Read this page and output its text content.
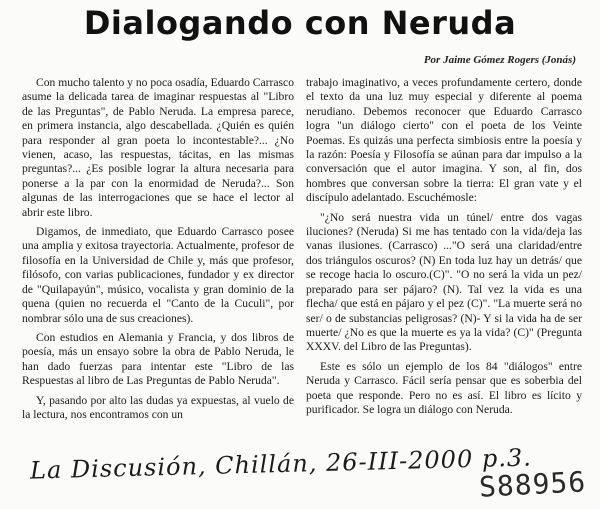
Dialogando con Neruda
Por Jaime Gómez Rogers (Jonás)

Con mucho talento y no poca osadía, Eduardo Carrasco asume la delicada tarea de imaginar respuestas al "Libro de las Preguntas", de Pablo Neruda. La empresa parece, en primera instancia, algo descabellada. ¿Quién es quién para responder al gran poeta lo incontestable?... ¿No vienen, acaso, las respuestas, tácitas, en las mismas preguntas?... ¿Es posible lograr la altura necesaria para ponerse a la par con la enormidad de Neruda?... Son algunas de las interrogaciones que se hace el lector al abrir este libro.

Digamos, de inmediato, que Eduardo Carrasco posee una amplia y exitosa trayectoria. Actualmente, profesor de filosofía en la Universidad de Chile y, más que profesor, filósofo, con varias publicaciones, fundador y ex director de "Quilapayún", músico, vocalista y gran dominio de la quena (quien no recuerda el "Canto de la Cuculi", por nombrar sólo una de sus creaciones).

Con estudios en Alemania y Francia, y dos libros de poesía, más un ensayo sobre la obra de Pablo Neruda, le han dado fuerzas para intentar este "Libro de las Respuestas al libro de Las Preguntas de Pablo Neruda".

Y, pasando por alto las dudas ya expuestas, al vuelo de la lectura, nos encontramos con un

trabajo imaginativo, a veces profundamente certero, donde el texto da una luz muy especial y diferente al poema nerudiano. Debemos reconocer que Eduardo Carrasco logra "un diálogo cierto" con el poeta de los Veinte Poemas. Es quizás una perfecta simbiosis entre la poesía y la razón: Poesía y Filosofía se aúnan para dar impulso a la conversación que el autor imagina. Y son, al fin, dos hombres que conversan sobre la tierra: El gran vate y el discípulo adelantado. Escuchémosle:

"¿No será nuestra vida un túnel/ entre dos vagas iluciones? (Neruda) Si me has tentado con la vida/deja las vanas ilusiones. (Carrasco) ..."O será una claridad/entre dos triángulos oscuros? (N) En toda luz hay un detrás/ que se recoge hacia lo oscuro.(C)". "O no será la vida un pez/ preparado para ser pájaro? (N). Tal vez la vida es una flecha/ que está en pájaro y el pez (C)". "La muerte será no ser/ o de substancias peligrosas? (N)- Y si la vida ha de ser muerte/ ¿No es que la muerte es ya la vida? (C)" (Pregunta XXXV. del Libro de las Preguntas).

Este es sólo un ejemplo de los 84 "diálogos" entre Neruda y Carrasco. Fácil sería pensar que es soberbia del poeta que responde. Pero no es así. El libro es lícito y purificador. Se logra un diálogo con Neruda.

La Discusión, Chillán, 26-III-2000 p.3.
S88956
